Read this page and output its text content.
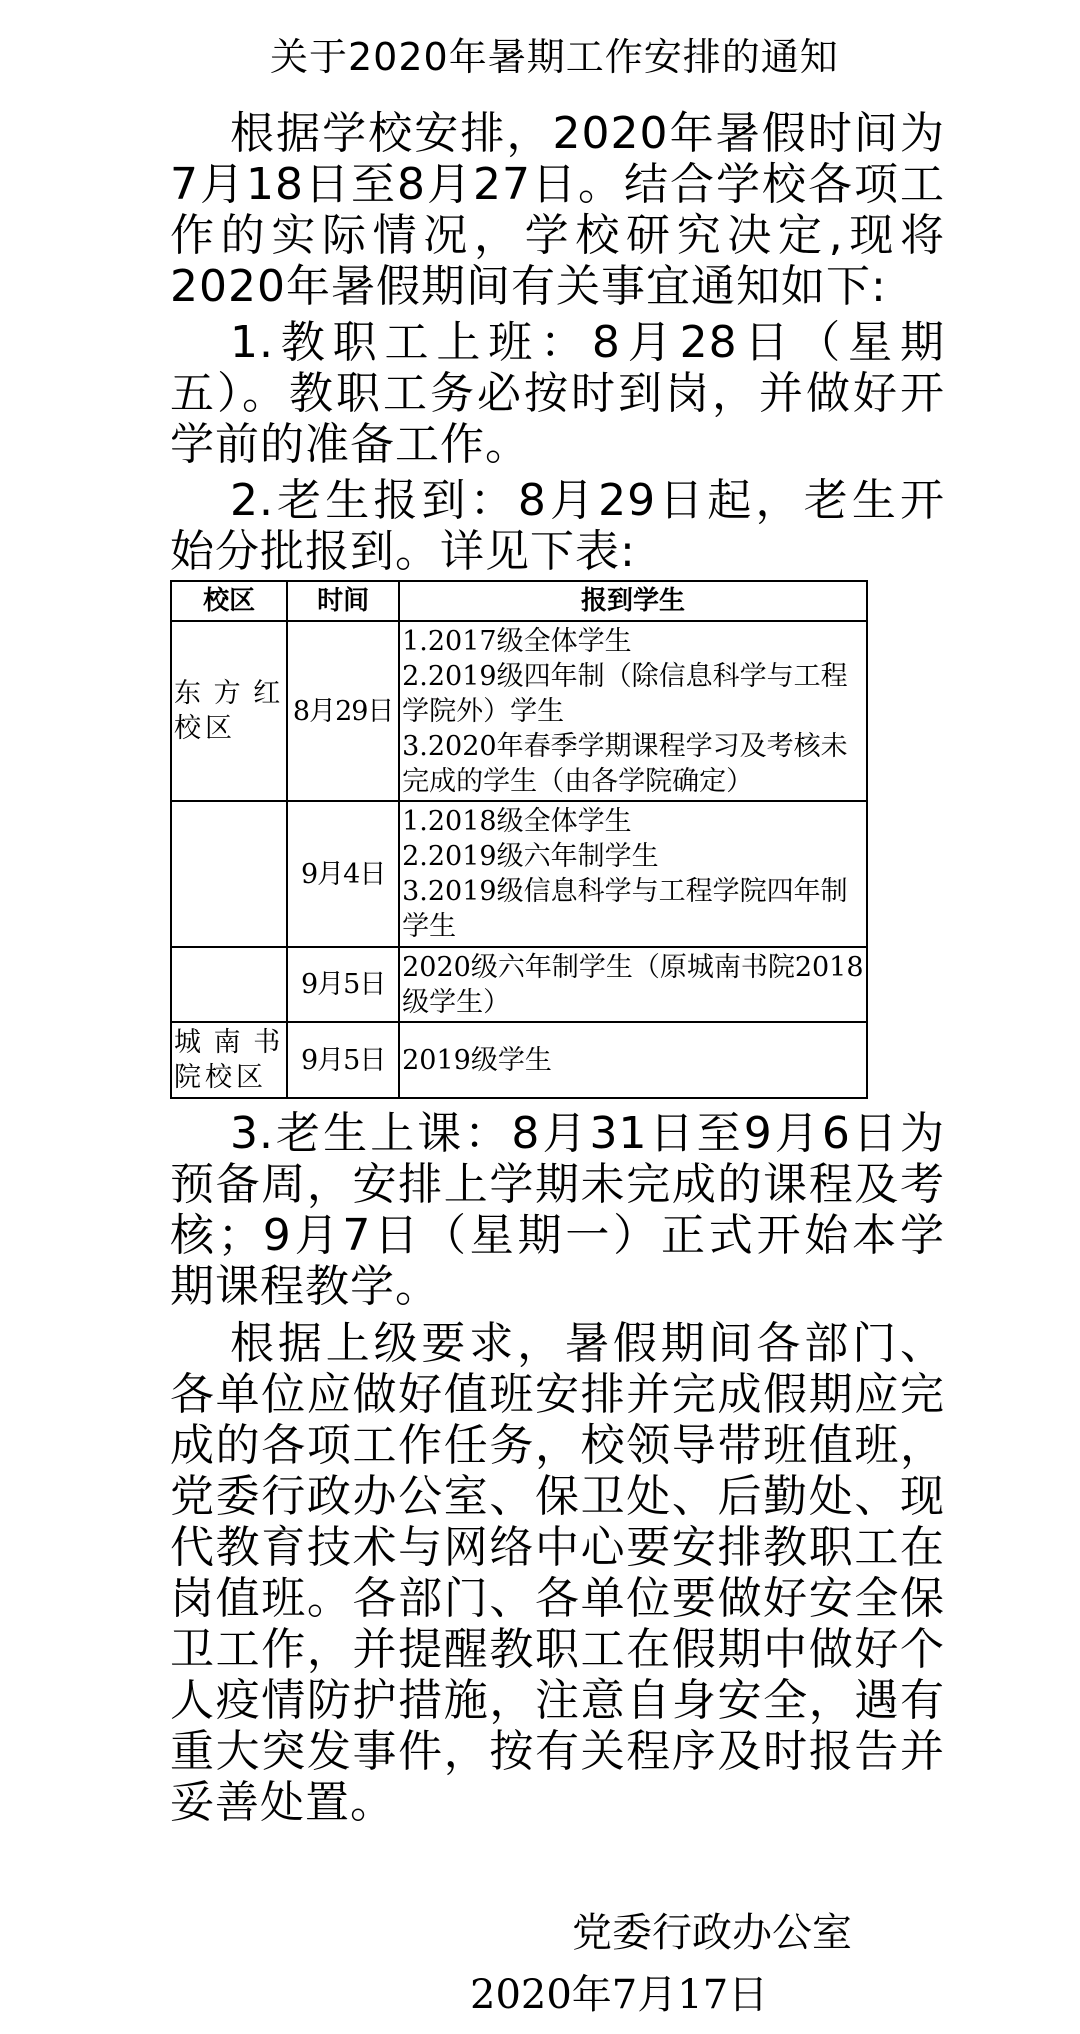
关于2020年暑期工作安排的通知
根据学校安排，2020年暑假时间为7月18日至8月27日。结合学校各项工作的实际情况，学校研究决定,现将2020年暑假期间有关事宜通知如下:
1.教职工上班：8月28日（星期五）。教职工务必按时到岗，并做好开学前的准备工作。
2.老生报到：8月29日起，老生开始分批报到。详见下表:
校区	时间	报到学生
东方红校区	8月29日	1.2017级全体学生
2.2019级四年制（除信息科学与工程学院外）学生
3.2020年春季学期课程学习及考核未完成的学生（由各学院确定）

	9月4日	1.2018级全体学生
2.2019级六年制学生
3.2019级信息科学与工程学院四年制学生

	9月5日	2020级六年制学生（原城南书院2018级学生）

城南书院校区	9月5日	2019级学生
3.老生上课：8月31日至9月6日为预备周，安排上学期未完成的课程及考核；9月7日（星期一）正式开始本学期课程教学。
根据上级要求，暑假期间各部门、各单位应做好值班安排并完成假期应完成的各项工作任务，校领导带班值班，党委行政办公室、保卫处、后勤处、现代教育技术与网络中心要安排教职工在岗值班。各部门、各单位要做好安全保卫工作，并提醒教职工在假期中做好个人疫情防护措施，注意自身安全，遇有重大突发事件，按有关程序及时报告并妥善处置。
党委行政办公室
2020年7月17日
